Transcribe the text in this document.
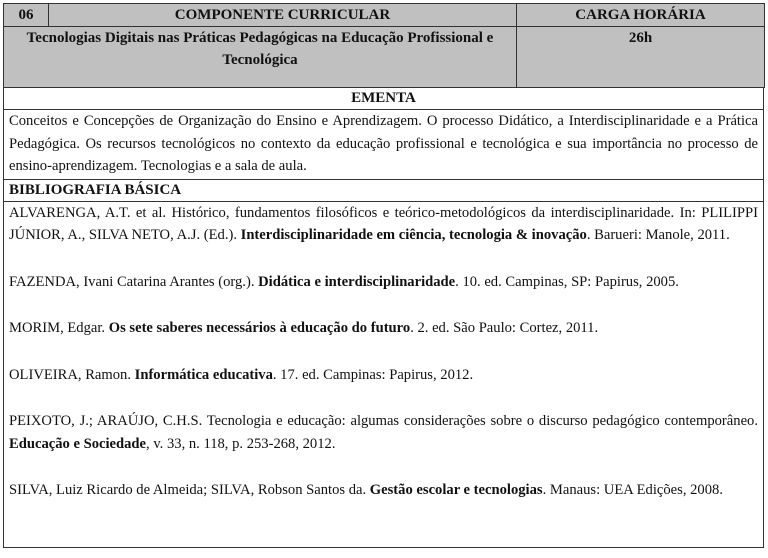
06	COMPONENTE CURRICULAR	CARGA HORÁRIA
Tecnologias Digitais nas Práticas Pedagógicas na Educação Profissional e Tecnológica		26h
EMENTA
Conceitos e Concepções de Organização do Ensino e Aprendizagem. O processo Didático, a Interdisciplinaridade e a Prática Pedagógica. Os recursos tecnológicos no contexto da educação profissional e tecnológica e sua importância no processo de ensino-aprendizagem. Tecnologias e a sala de aula.
BIBLIOGRAFIA BÁSICA

ALVARENGA, A.T. et al. Histórico, fundamentos filosóficos e teórico-metodológicos da interdisciplinaridade. In: PLILIPPI JÚNIOR, A., SILVA NETO, A.J. (Ed.). Interdisciplinaridade em ciência, tecnologia & inovação. Barueri: Manole, 2011.

FAZENDA, Ivani Catarina Arantes (org.). Didática e interdisciplinaridade. 10. ed. Campinas, SP: Papirus, 2005.

MORIM, Edgar. Os sete saberes necessários à educação do futuro. 2. ed. São Paulo: Cortez, 2011.

OLIVEIRA, Ramon. Informática educativa. 17. ed. Campinas: Papirus, 2012.

PEIXOTO, J.; ARAÚJO, C.H.S. Tecnologia e educação: algumas considerações sobre o discurso pedagógico contemporâneo. Educação e Sociedade, v. 33, n. 118, p. 253-268, 2012.

SILVA, Luiz Ricardo de Almeida; SILVA, Robson Santos da. Gestão escolar e tecnologias. Manaus: UEA Edições, 2008.
